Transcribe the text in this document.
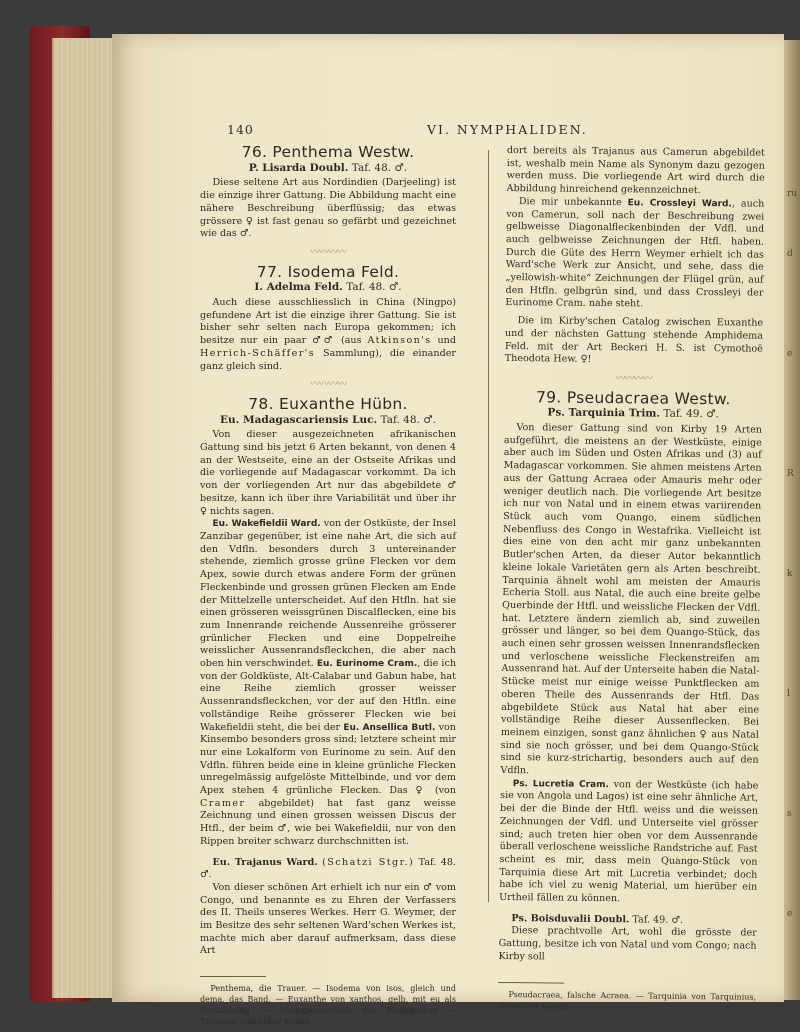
ru
d
e
R
k
l
s
e
140	VI. NYMPHALIDEN.
76. Penthema Westw.
P. Lisarda Doubl. Taf. 48. ♂.

Diese seltene Art aus Nordindien (Darjeeling) ist die einzige ihrer Gattung. Die Abbildung macht eine nähere Beschreibung überflüssig; das etwas grössere ♀ ist fast genau so gefärbt und gezeichnet wie das ♂.

〰〰〰〰
77. Isodema Feld.
I. Adelma Feld. Taf. 48. ♂.

Auch diese ausschliesslich in China (Ningpo) gefundene Art ist die einzige ihrer Gattung. Sie ist bisher sehr selten nach Europa gekommen; ich besitze nur ein paar ♂♂ (aus Atkinson's und Herrich-Schäffer's Sammlung), die einander ganz gleich sind.

〰〰〰〰
78. Euxanthe Hübn.
Eu. Madagascariensis Luc. Taf. 48. ♂.

Von dieser ausgezeichneten afrikanischen Gattung sind bis jetzt 6 Arten bekannt, von denen 4 an der Westseite, eine an der Ostseite Afrikas und die vorliegende auf Madagascar vorkommt. Da ich von der vorliegenden Art nur das abgebildete ♂ besitze, kann ich über ihre Variabilität und über ihr ♀ nichts sagen.

Eu. Wakefieldii Ward. von der Ostküste, der Insel Zanzibar gegenüber, ist eine nahe Art, die sich auf den Vdfln. besonders durch 3 untereinander stehende, ziemlich grosse grüne Flecken vor dem Apex, sowie durch etwas andere Form der grünen Fleckenbinde und grossen grünen Flecken am Ende der Mittelzelle unterscheidet. Auf den Htfln. hat sie einen grösseren weissgrünen Discalflecken, eine bis zum Innenrande reichende Aussenreihe grösserer grünlicher Flecken und eine Doppelreihe weisslicher Aussenrandsfleckchen, die aber nach oben hin verschwindet. Eu. Eurinome Cram., die ich von der Goldküste, Alt-Calabar und Gabun habe, hat eine Reihe ziemlich grosser weisser Aussenrandsfleckchen, vor der auf den Htfln. eine vollständige Reihe grösserer Flecken wie bei Wakefieldii steht, die bei der Eu. Ansellica Butl. von Kinsembo besonders gross sind; letztere scheint mir nur eine Lokalform von Eurinome zu sein. Auf den Vdfln. führen beide eine in kleine grünliche Flecken unregelmässig aufgelöste Mittelbinde, und vor dem Apex stehen 4 grünliche Flecken. Das ♀ (von Cramer abgebildet) hat fast ganz weisse Zeichnung und einen grossen weissen Discus der Htfl., der beim ♂, wie bei Wakefieldii, nur von den Rippen breiter schwarz durchschnitten ist.

Eu. Trajanus Ward. (Schatzi Stgr.) Taf. 48. ♂.

Von dieser schönen Art erhielt ich nur ein ♂ vom Congo, und benannte es zu Ehren der Verfassers des II. Theils unseres Werkes. Herr G. Weymer, der im Besitze des sehr seltenen Ward'schen Werkes ist, machte mich aber darauf aufmerksam, dass diese Art

Penthema, die Trauer. — Isodema von isos, gleich und dema, das Band. — Euxanthe von xanthos, gelb, mit eu als Verstärkung. — Madagascariensis von Madagascar. — Trajanus, römischer Kaiser.

dort bereits als Trajanus aus Camerun abgebildet ist, weshalb mein Name als Synonym dazu gezogen werden muss. Die vorliegende Art wird durch die Abbildung hinreichend gekennzeichnet.

Die mir unbekannte Eu. Crossleyi Ward., auch von Camerun, soll nach der Beschreibung zwei gelbweisse Diagonalfleckenbinden der Vdfl. und auch gelbweisse Zeichnungen der Htfl. haben. Durch die Güte des Herrn Weymer erhielt ich das Ward'sche Werk zur Ansicht, und sehe, dass die „yellowish-white“ Zeichnungen der Flügel grün, auf den Htfln. gelbgrün sind, und dass Crossleyi der Eurinome Cram. nahe steht.

Die im Kirby'schen Catalog zwischen Euxanthe und der nächsten Gattung stehende Amphidema Feld. mit der Art Beckeri H. S. ist Cymothoë Theodota Hew. ♀!

〰〰〰〰
79. Pseudacraea Westw.
Ps. Tarquinia Trim. Taf. 49. ♂.

Von dieser Gattung sind von Kirby 19 Arten aufgeführt, die meistens an der Westküste, einige aber auch im Süden und Osten Afrikas und (3) auf Madagascar vorkommen. Sie ahmen meistens Arten aus der Gattung Acraea oder Amauris mehr oder weniger deutlich nach. Die vorliegende Art besitze ich nur von Natal und in einem etwas variirenden Stück auch vom Quango, einem südlichen Nebenfluss des Congo in Westafrika. Vielleicht ist dies eine von den acht mir ganz unbekannten Butler'schen Arten, da dieser Autor bekanntlich kleine lokale Varietäten gern als Arten beschreibt. Tarquinia ähnelt wohl am meisten der Amauris Echeria Stoll. aus Natal, die auch eine breite gelbe Querbinde der Htfl. und weissliche Flecken der Vdfl. hat. Letztere ändern ziemlich ab, sind zuweilen grösser und länger, so bei dem Quango-Stück, das auch einen sehr grossen weissen Innenrandsflecken und verloschene weissliche Fleckenstreifen am Aussenrand hat. Auf der Unterseite haben die Natal-Stücke meist nur einige weisse Punktflecken am oberen Theile des Aussenrands der Htfl. Das abgebildete Stück aus Natal hat aber eine vollständige Reihe dieser Aussenflecken. Bei meinem einzigen, sonst ganz ähnlichen ♀ aus Natal sind sie noch grösser, und bei dem Quango-Stück sind sie kurz-strichartig, besonders auch auf den Vdfln.

Ps. Lucretia Cram. von der Westküste (ich habe sie von Angola und Lagos) ist eine sehr ähnliche Art, bei der die Binde der Htfl. weiss und die weissen Zeichnungen der Vdfl. und Unterseite viel grösser sind; auch treten hier oben vor dem Aussenrande überall verloschene weissliche Randstriche auf. Fast scheint es mir, dass mein Quango-Stück von Tarquinia diese Art mit Lucretia verbindet; doch habe ich viel zu wenig Material, um hierüber ein Urtheil fällen zu können.

Ps. Boisduvalii Doubl. Taf. 49. ♂.

Diese prachtvolle Art, wohl die grösste der Gattung, besitze ich von Natal und vom Congo; nach Kirby soll

Pseudacraea, falsche Acraea. — Tarquinia von Tarquinius, römischer Kaiser.
